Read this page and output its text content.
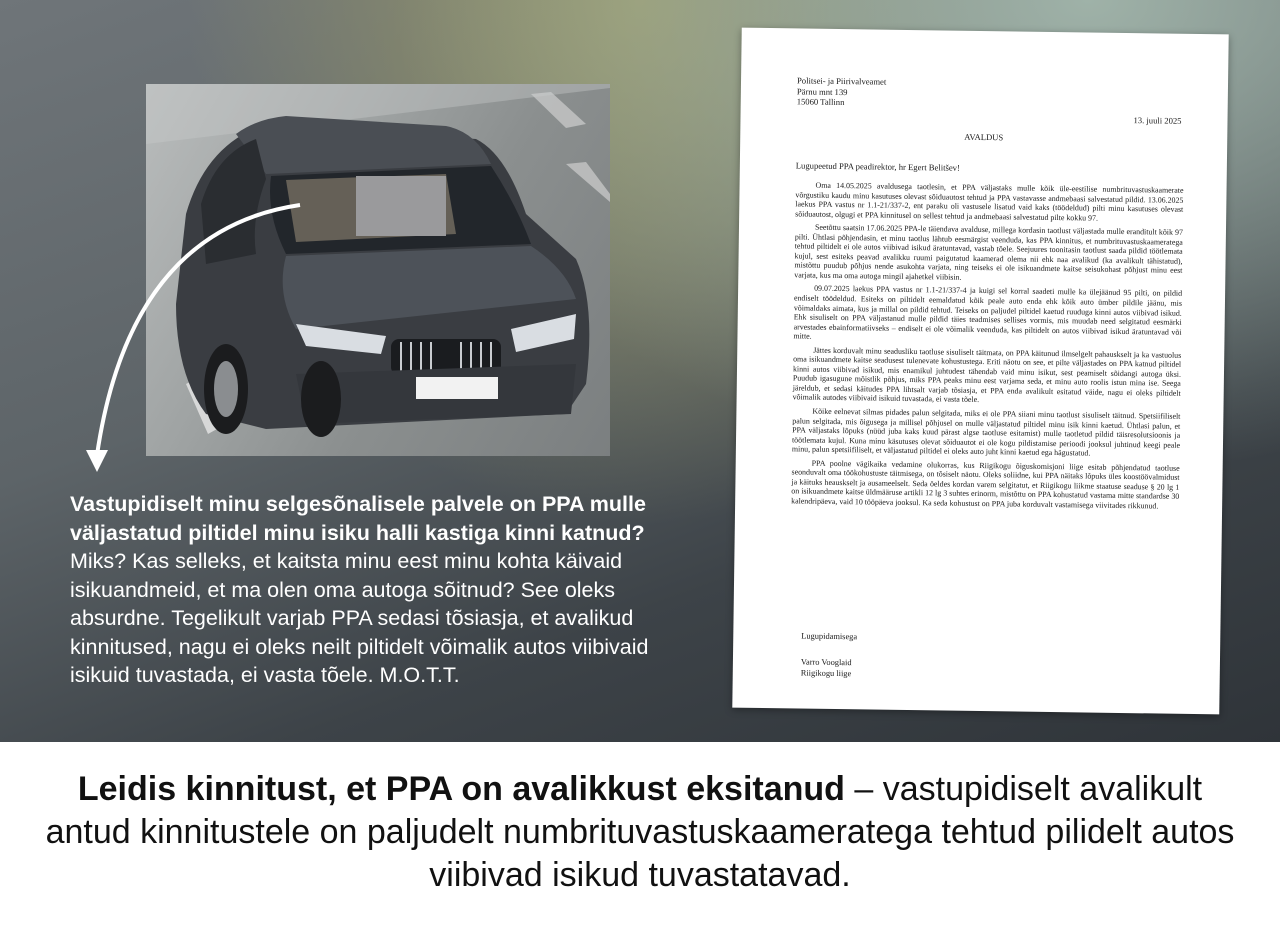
Vastupidiselt minu selgesõnalisele palvele on PPA mulle väljastatud piltidel minu isiku halli kastiga kinni katnud? Miks? Kas selleks, et kaitsta minu eest minu kohta käivaid isikuandmeid, et ma olen oma autoga sõitnud? See oleks absurdne. Tegelikult varjab PPA sedasi tõsiasja, et avalikud kinnitused, nagu ei oleks neilt piltidelt võimalik autos viibivaid isikuid tuvastada, ei vasta tõele. M.O.T.T.
Politsei- ja Piirivalveamet
Pärnu mnt 139
15060 Tallinn
13. juuli 2025
AVALDUS
Lugupeetud PPA peadirektor, hr Egert Belitšev!

Oma 14.05.2025 avaldusega taotlesin, et PPA väljastaks mulle kõik üle-eestilise numbrituvastuskaamerate võrgustiku kaudu minu kasutuses olevast sõiduautost tehtud ja PPA vastavasse andmebaasi salvestatud pildid. 13.06.2025 laekus PPA vastus nr 1.1-21/337-2, ent paraku oli vastusele lisatud vaid kaks (töödeldud) pilti minu kasutuses olevast sõiduautost, olgugi et PPA kinnitusel on sellest tehtud ja andmebaasi salvestatud pilte kokku 97.

Seetõttu saatsin 17.06.2025 PPA-le täiendava avalduse, millega kordasin taotlust väljastada mulle eranditult kõik 97 pilti. Ühtlasi põhjendasin, et minu taotlus lähtub eesmärgist veenduda, kas PPA kinnitus, et numbrituvastuskaameratega tehtud piltidelt ei ole autos viibivad isikud äratuntavad, vastab tõele. Seejuures toonitasin taotlust saada pildid töötlemata kujul, sest esiteks peavad avalikku ruumi paigutatud kaamerad olema nii ehk naa avalikud (ka avalikult tähistatud), mistõttu puudub põhjus nende asukohta varjata, ning teiseks ei ole isikuandmete kaitse seisukohast põhjust minu eest varjata, kus ma oma autoga mingil ajahetkel viibisin.

09.07.2025 laekus PPA vastus nr 1.1-21/337-4 ja kuigi sel korral saadeti mulle ka ülejäänud 95 pilti, on pildid endiselt töödeldud. Esiteks on piltidelt eemaldatud kõik peale auto enda ehk kõik auto ümber pildile jäänu, mis võimaldaks aimata, kus ja millal on pildid tehtud. Teiseks on paljudel piltidel kaetud ruuduga kinni autos viibivad isikud. Ehk sisuliselt on PPA väljastanud mulle pildid täies teadmises sellises vormis, mis muudab need selgitatud eesmärki arvestades ebainformatiivseks – endiselt ei ole võimalik veenduda, kas piltidelt on autos viibivad isikud äratuntavad või mitte.

Jättes korduvalt minu seadusliku taotluse sisuliselt täitmata, on PPA käitunud ilmselgelt pahauskselt ja ka vastuolus oma isikuandmete kaitse seadusest tulenevate kohustustega. Eriti näotu on see, et pilte väljastades on PPA katnud piltidel kinni autos viibivad isikud, mis enamikul juhtudest tähendab vaid minu isikut, sest peamiselt sõidangi autoga üksi. Puudub igasugune mõistlik põhjus, miks PPA peaks minu eest varjama seda, et minu auto roolis istun mina ise. Seega järeldub, et sedasi käitudes PPA lihtsalt varjab tõsiasja, et PPA enda avalikult esitatud väide, nagu ei oleks piltidelt võimalik autodes viibivaid isikuid tuvastada, ei vasta tõele.

Kõike eelnevat silmas pidades palun selgitada, miks ei ole PPA siiani minu taotlust sisuliselt täitnud. Spetsiifiliselt palun selgitada, mis õigusega ja millisel põhjusel on mulle väljastatud piltidel minu isik kinni kaetud. Ühtlasi palun, et PPA väljastaks lõpuks (nüüd juba kaks kuud pärast algse taotluse esitamist) mulle taotletud pildid täisresolutsioonis ja töötlemata kujul. Kuna minu käsutuses olevat sõiduautot ei ole kogu pildistamise perioodi jooksul juhtinud keegi peale minu, palun spetsiifiliselt, et väljastatud piltidel ei oleks auto juht kinni kaetud ega hägustatud.

PPA poolne vägikaika vedamine olukorras, kus Riigikogu õiguskomisjoni liige esitab põhjendatud taotluse seonduvalt oma töökohustuste täitmisega, on tõsiselt näotu. Oleks soliidne, kui PPA näitaks lõpuks üles koostöövalmidust ja käituks heauskselt ja ausameelselt. Seda öeldes kordan varem selgitatut, et Riigikogu liikme staatuse seaduse § 20 lg 1 on isikuandmete kaitse üldmääruse artikli 12 lg 3 suhtes erinorm, mistõttu on PPA kohustatud vastama mitte standardse 30 kalendripäeva, vaid 10 tööpäeva jooksul. Ka seda kohustust on PPA juba korduvalt vastamisega viivitades rikkunud.

Lugupidamisega
Varro Vooglaid
Riigikogu liige
Leidis kinnitust, et PPA on avalikkust eksitanud – vastupidiselt avalikult antud kinnitustele on paljudelt numbrituvastuskaameratega tehtud pilidelt autos viibivad isikud tuvastatavad.
